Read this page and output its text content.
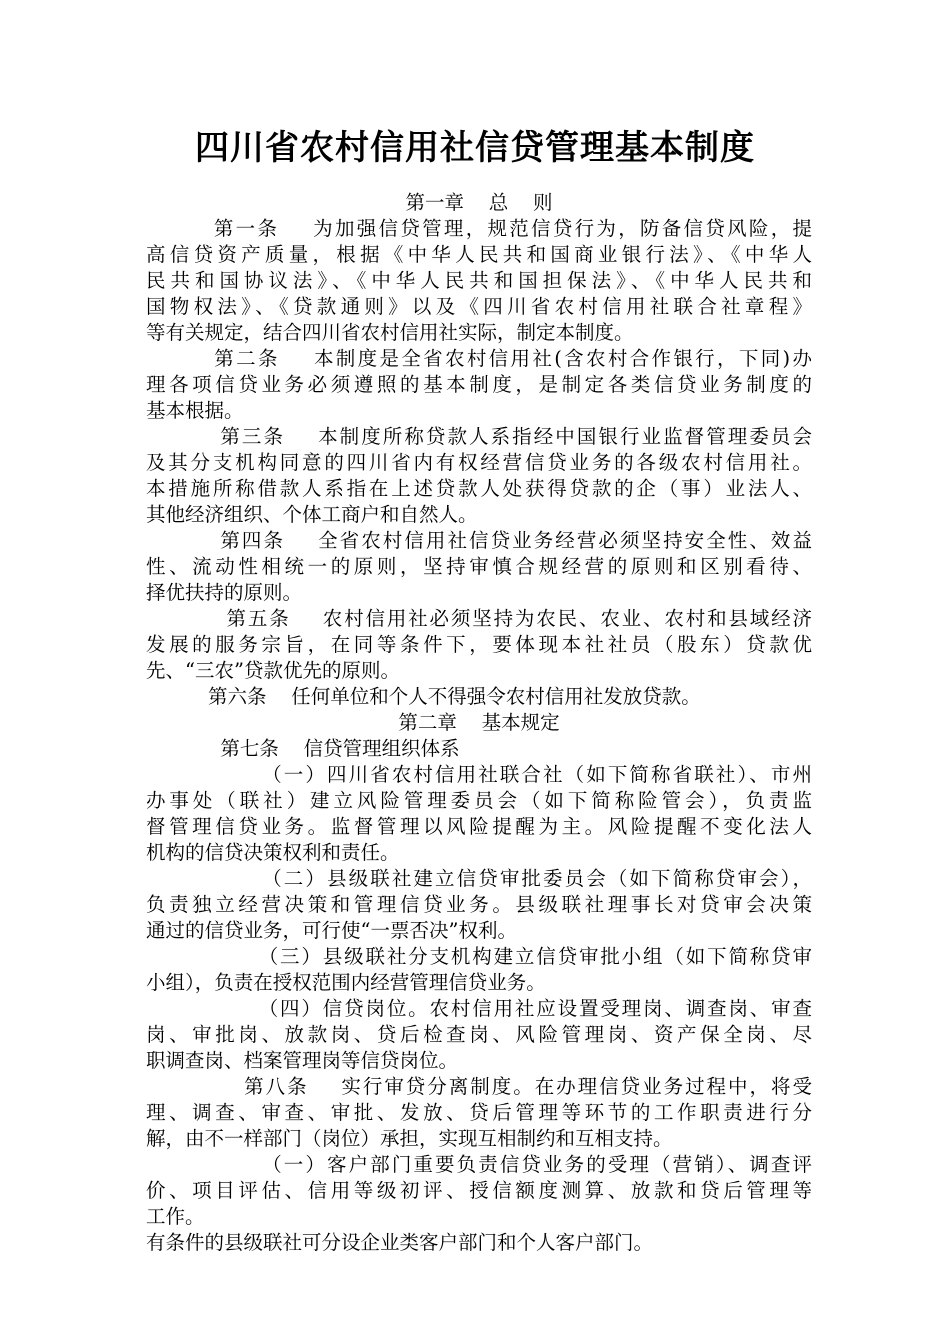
四川省农村信用社信贷管理基本制度

第一章    总    则

第一条    为加强信贷管理，规范信贷行为，防备信贷风险，提

高信贷资产质量，根据《中华人民共和国商业银行法》、《中华人

民共和国协议法》、《中华人民共和国担保法》、《中华人民共和

国物权法》、《贷款通则》以及《四川省农村信用社联合社章程》

等有关规定，结合四川省农村信用社实际，制定本制度。

第二条    本制度是全省农村信用社(含农村合作银行，下同)办

理各项信贷业务必须遵照的基本制度，是制定各类信贷业务制度的

基本根据。

第三条    本制度所称贷款人系指经中国银行业监督管理委员会

及其分支机构同意的四川省内有权经营信贷业务的各级农村信用社。

本措施所称借款人系指在上述贷款人处获得贷款的企（事）业法人、

其他经济组织、个体工商户和自然人。

第四条    全省农村信用社信贷业务经营必须坚持安全性、效益

性、流动性相统一的原则，坚持审慎合规经营的原则和区别看待、

择优扶持的原则。

第五条    农村信用社必须坚持为农民、农业、农村和县域经济

发展的服务宗旨，在同等条件下，要体现本社社员（股东）贷款优

先、“三农”贷款优先的原则。

第六条    任何单位和个人不得强令农村信用社发放贷款。

第二章    基本规定

第七条    信贷管理组织体系

（一）四川省农村信用社联合社（如下简称省联社）、市州

办事处（联社）建立风险管理委员会（如下简称险管会），负责监

督管理信贷业务。监督管理以风险提醒为主。风险提醒不变化法人

机构的信贷决策权利和责任。

（二）县级联社建立信贷审批委员会（如下简称贷审会），

负责独立经营决策和管理信贷业务。县级联社理事长对贷审会决策

通过的信贷业务，可行使“一票否决”权利。

（三）县级联社分支机构建立信贷审批小组（如下简称贷审

小组），负责在授权范围内经营管理信贷业务。

（四）信贷岗位。农村信用社应设置受理岗、调查岗、审查

岗、审批岗、放款岗、贷后检查岗、风险管理岗、资产保全岗、尽

职调查岗、档案管理岗等信贷岗位。

第八条    实行审贷分离制度。在办理信贷业务过程中，将受

理、调查、审查、审批、发放、贷后管理等环节的工作职责进行分

解，由不一样部门（岗位）承担，实现互相制约和互相支持。

（一）客户部门重要负责信贷业务的受理（营销）、调查评

价、项目评估、信用等级初评、授信额度测算、放款和贷后管理等

工作。

有条件的县级联社可分设企业类客户部门和个人客户部门。
